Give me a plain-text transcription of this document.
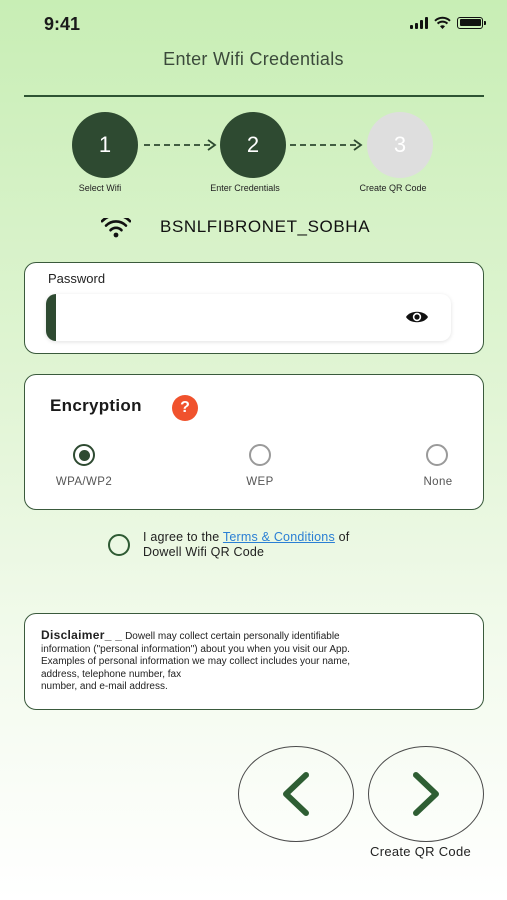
9:41
Enter Wifi Credentials
1	2	3
Select Wifi	Enter Credentials	Create QR Code
BSNLFIBRONET_SOBHA
Password
Encryption	?
WPA/WP2	WEP	None
I agree to the Terms & Conditions of
Dowell Wifi QR Code
Disclaimer_ _ Dowell may collect certain personally identifiable
information ("personal information") about you when you visit our App.
Examples of personal information we may collect includes your name,
address, telephone number, fax
number, and e-mail address.
Create QR Code
